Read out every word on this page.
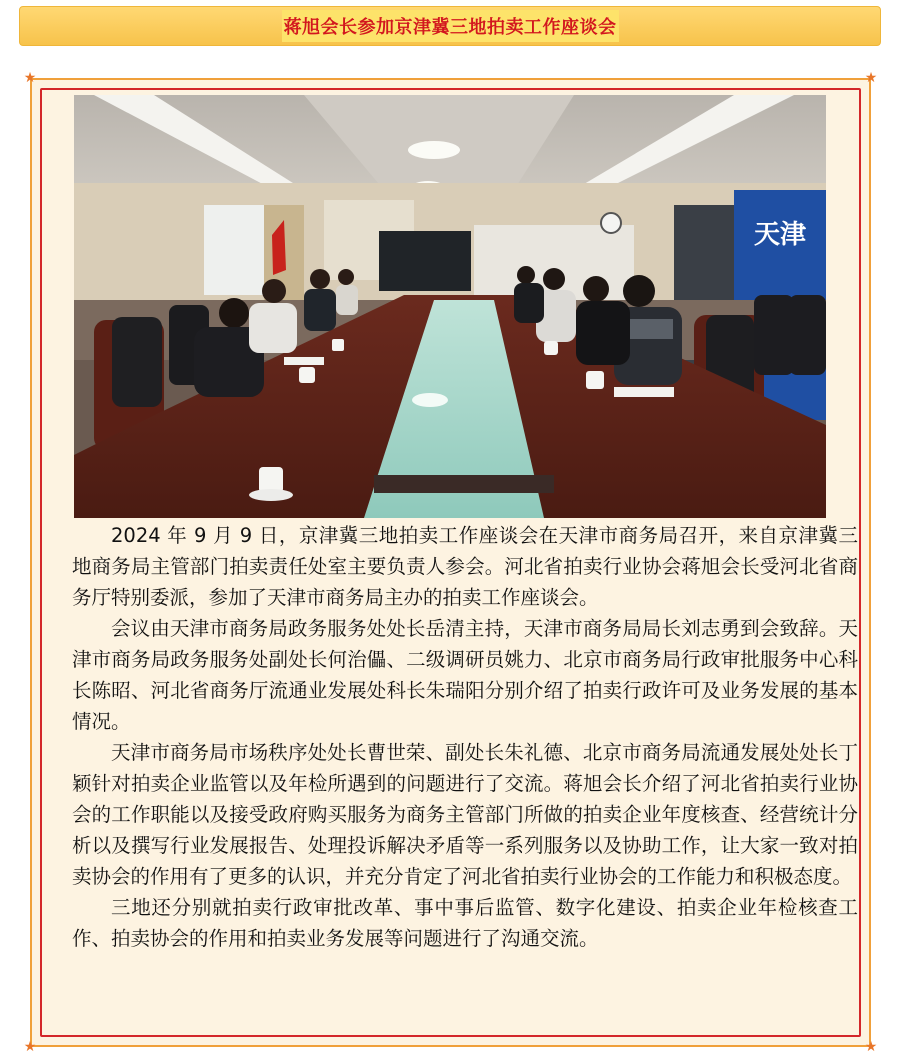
蒋旭会长参加京津冀三地拍卖工作座谈会
★	★
★	★
天津

2024 年 9 月 9 日，京津冀三地拍卖工作座谈会在天津市商务局召开，来自京津冀三地商务局主管部门拍卖责任处室主要负责人参会。河北省拍卖行业协会蒋旭会长受河北省商务厅特别委派，参加了天津市商务局主办的拍卖工作座谈会。

会议由天津市商务局政务服务处处长岳清主持，天津市商务局局长刘志勇到会致辞。天津市商务局政务服务处副处长何治儡、二级调研员姚力、北京市商务局行政审批服务中心科长陈昭、河北省商务厅流通业发展处科长朱瑞阳分别介绍了拍卖行政许可及业务发展的基本情况。

天津市商务局市场秩序处处长曹世荣、副处长朱礼德、北京市商务局流通发展处处长丁颖针对拍卖企业监管以及年检所遇到的问题进行了交流。蒋旭会长介绍了河北省拍卖行业协会的工作职能以及接受政府购买服务为商务主管部门所做的拍卖企业年度核查、经营统计分析以及撰写行业发展报告、处理投诉解决矛盾等一系列服务以及协助工作，让大家一致对拍卖协会的作用有了更多的认识，并充分肯定了河北省拍卖行业协会的工作能力和积极态度。

三地还分别就拍卖行政审批改革、事中事后监管、数字化建设、拍卖企业年检核查工作、拍卖协会的作用和拍卖业务发展等问题进行了沟通交流。
